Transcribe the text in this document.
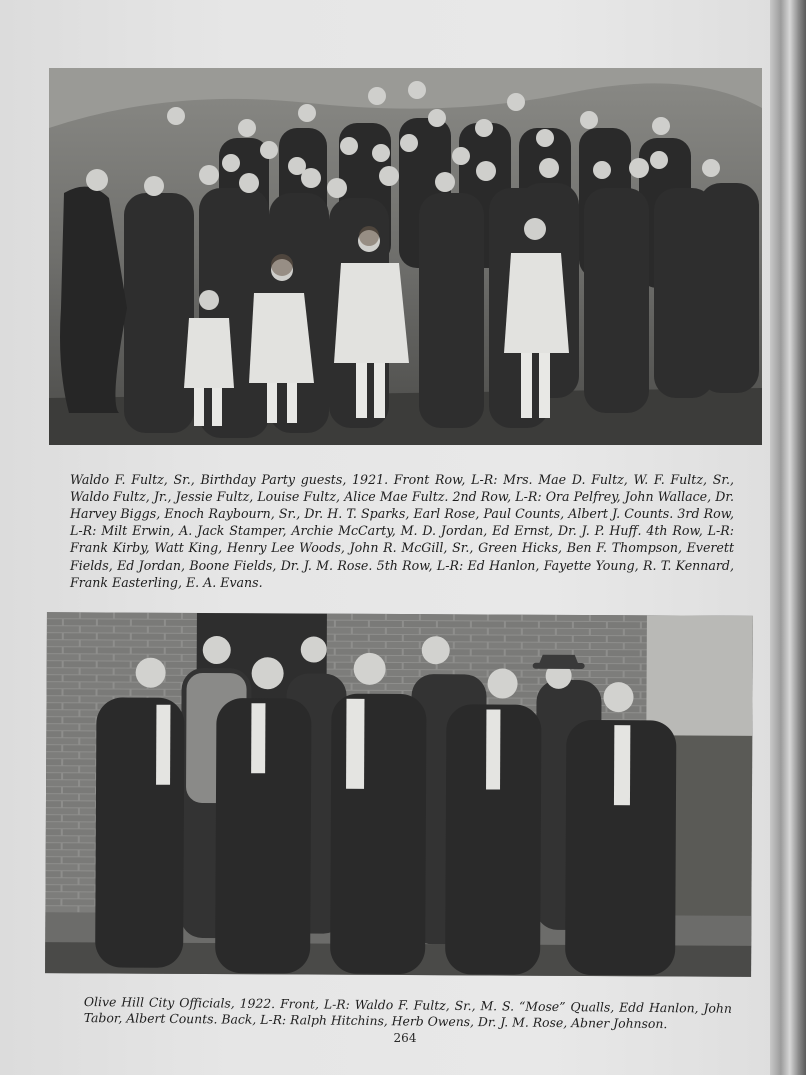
Waldo F. Fultz, Sr., Birthday Party guests, 1921. Front Row, L-R: Mrs. Mae D. Fultz, W. F. Fultz, Sr., Waldo Fultz, Jr., Jessie Fultz, Louise Fultz, Alice Mae Fultz. 2nd Row, L-R: Ora Pelfrey, John Wallace, Dr. Harvey Biggs, Enoch Raybourn, Sr., Dr. H. T. Sparks, Earl Rose, Paul Counts, Albert J. Counts. 3rd Row, L-R: Milt Erwin, A. Jack Stamper, Archie McCarty, M. D. Jordan, Ed Ernst, Dr. J. P. Huff. 4th Row, L-R: Frank Kirby, Watt King, Henry Lee Woods, John R. McGill, Sr., Green Hicks, Ben F. Thompson, Everett Fields, Ed Jordan, Boone Fields, Dr. J. M. Rose. 5th Row, L-R: Ed Hanlon, Fayette Young, R. T. Kennard, Frank Easterling, E. A. Evans.

Olive Hill City Officials, 1922. Front, L-R: Waldo F. Fultz, Sr., M. S. “Mose” Qualls, Edd Hanlon, John Tabor, Albert Counts. Back, L-R: Ralph Hitchins, Herb Owens, Dr. J. M. Rose, Abner Johnson.

264
